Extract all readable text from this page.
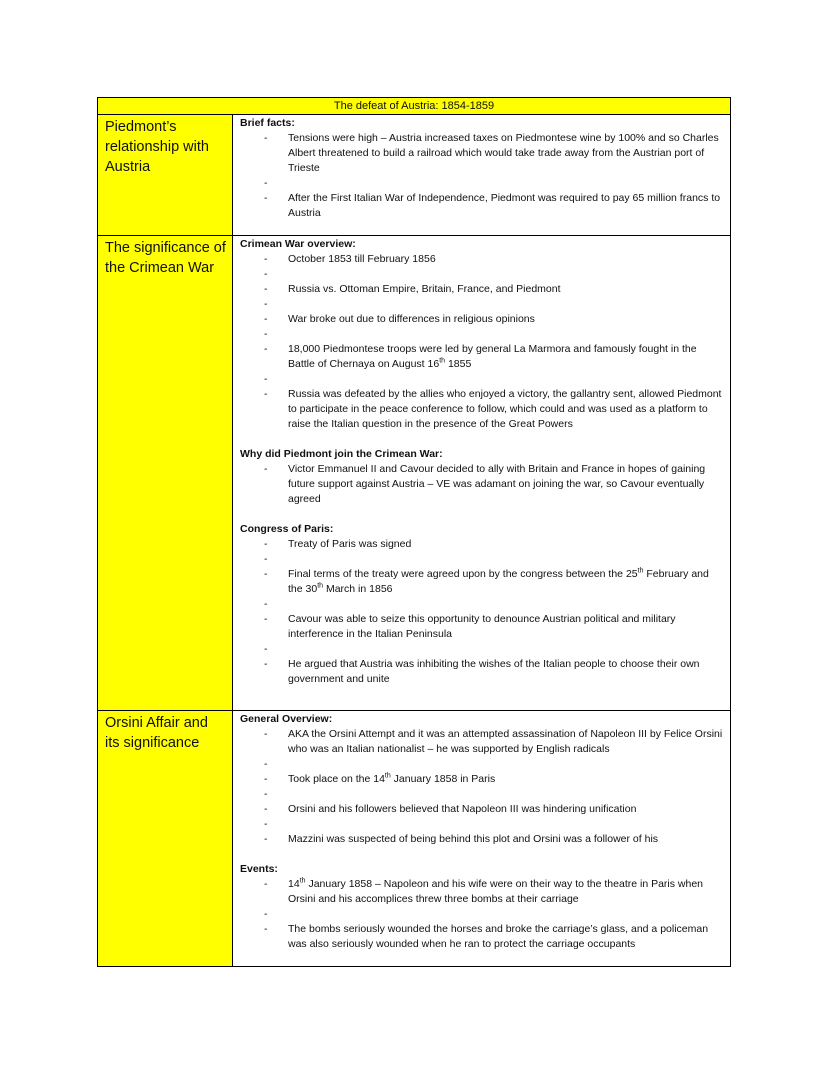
The defeat of Austria: 1854-1859
Piedmont’s relationship with Austria

Brief facts:

- Tensions were high – Austria increased taxes on Piedmontese wine by 100% and so Charles Albert threatened to build a railroad which would take trade away from the Austrian port of Trieste
-
- After the First Italian War of Independence, Piedmont was required to pay 65 million francs to Austria
The significance of the Crimean War

Crimean War overview:

- October 1853 till February 1856
-
- Russia vs. Ottoman Empire, Britain, France, and Piedmont
-
- War broke out due to differences in religious opinions
-
- 18,000 Piedmontese troops were led by general La Marmora and famously fought in the Battle of Chernaya on August 16th 1855
-
- Russia was defeated by the allies who enjoyed a victory, the gallantry sent, allowed Piedmont to participate in the peace conference to follow, which could and was used as a platform to raise the Italian question in the presence of the Great Powers

Why did Piedmont join the Crimean War:

- Victor Emmanuel II and Cavour decided to ally with Britain and France in hopes of gaining future support against Austria – VE was adamant on joining the war, so Cavour eventually agreed

Congress of Paris:

- Treaty of Paris was signed
-
- Final terms of the treaty were agreed upon by the congress between the 25th February and the 30th March in 1856
-
- Cavour was able to seize this opportunity to denounce Austrian political and military interference in the Italian Peninsula
-
- He argued that Austria was inhibiting the wishes of the Italian people to choose their own government and unite
Orsini Affair and its significance

General Overview:

- AKA the Orsini Attempt and it was an attempted assassination of Napoleon III by Felice Orsini who was an Italian nationalist – he was supported by English radicals
-
- Took place on the 14th January 1858 in Paris
-
- Orsini and his followers believed that Napoleon III was hindering unification
-
- Mazzini was suspected of being behind this plot and Orsini was a follower of his

Events:

- 14th January 1858 – Napoleon and his wife were on their way to the theatre in Paris when Orsini and his accomplices threw three bombs at their carriage
-
- The bombs seriously wounded the horses and broke the carriage’s glass, and a policeman was also seriously wounded when he ran to protect the carriage occupants
